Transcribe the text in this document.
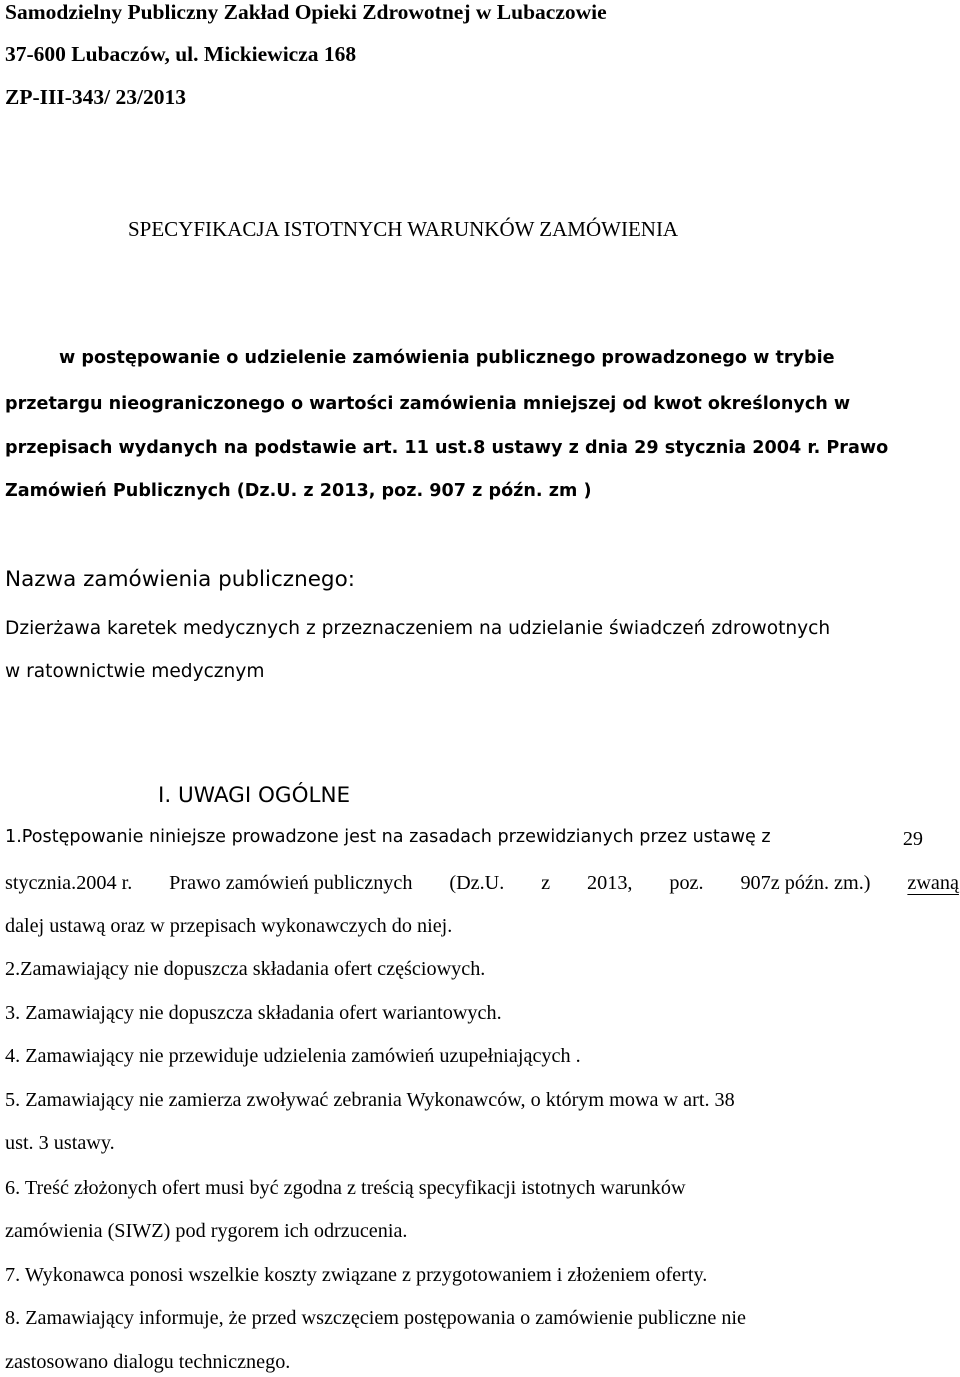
Samodzielny Publiczny Zakład Opieki Zdrowotnej w Lubaczowie
37-600 Lubaczów, ul. Mickiewicza 168
ZP-III-343/ 23/2013
SPECYFIKACJA ISTOTNYCH WARUNKÓW ZAMÓWIENIA
w postępowanie o udzielenie zamówienia publicznego prowadzonego w trybie
przetargu nieograniczonego o wartości zamówienia mniejszej od kwot określonych w
przepisach wydanych na podstawie art. 11 ust.8 ustawy z dnia 29 stycznia 2004 r. Prawo
Zamówień Publicznych (Dz.U. z 2013, poz. 907 z późn. zm )
Nazwa zamówienia publicznego:
Dzierżawa karetek medycznych z przeznaczeniem na udzielanie świadczeń zdrowotnych
w ratownictwie medycznym
I. UWAGI OGÓLNE
1.Postępowanie niniejsze prowadzone jest na zasadach przewidzianych przez ustawę z	29
stycznia.2004 r. Prawo zamówień publicznych (Dz.U. z 2013, poz. 907z późn. zm.) zwaną
dalej ustawą oraz w przepisach wykonawczych do niej.
2.Zamawiający nie dopuszcza składania ofert częściowych.
3. Zamawiający nie dopuszcza składania ofert wariantowych.
4. Zamawiający nie przewiduje udzielenia zamówień uzupełniających .
5. Zamawiający nie zamierza zwoływać zebrania Wykonawców, o którym mowa w art. 38
ust. 3 ustawy.
6. Treść złożonych ofert musi być zgodna z treścią specyfikacji istotnych warunków
zamówienia (SIWZ) pod rygorem ich odrzucenia.
7. Wykonawca ponosi wszelkie koszty związane z przygotowaniem i złożeniem oferty.
8. Zamawiający informuje, że przed wszczęciem postępowania o zamówienie publiczne nie
zastosowano dialogu technicznego.
